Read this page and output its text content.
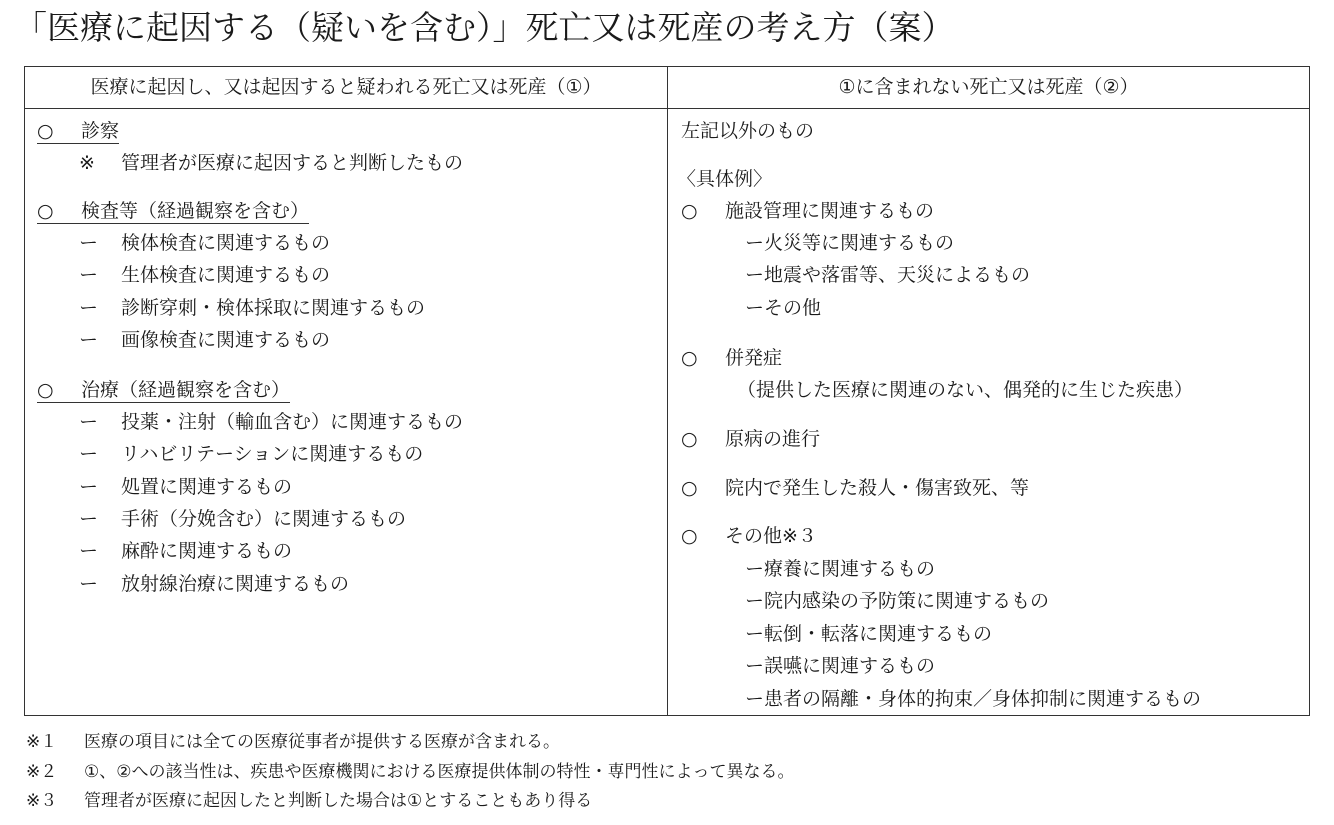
「医療に起因する（疑いを含む）」死亡又は死産の考え方（案）
医療に起因し、又は起因すると疑われる死亡又は死産（①）	①に含まれない死亡又は死産（②）
○ 診察
※ 管理者が医療に起因すると判断したもの
○ 検査等（経過観察を含む）
ー 検体検査に関連するもの
ー 生体検査に関連するもの
ー 診断穿刺・検体採取に関連するもの
ー 画像検査に関連するもの
○ 治療（経過観察を含む）
ー 投薬・注射（輸血含む）に関連するもの
ー リハビリテーションに関連するもの
ー 処置に関連するもの
ー 手術（分娩含む）に関連するもの
ー 麻酔に関連するもの
ー 放射線治療に関連するもの
左記以外のもの
〈具体例〉
○ 施設管理に関連するもの
ー火災等に関連するもの
ー地震や落雷等、天災によるもの
ーその他
○ 併発症
（提供した医療に関連のない、偶発的に生じた疾患）
○ 原病の進行
○ 院内で発生した殺人・傷害致死、等
○ その他※３
ー療養に関連するもの
ー院内感染の予防策に関連するもの
ー転倒・転落に関連するもの
ー誤嚥に関連するもの
ー患者の隔離・身体的拘束／身体抑制に関連するもの
※１ 医療の項目には全ての医療従事者が提供する医療が含まれる。
※２ ①、②への該当性は、疾患や医療機関における医療提供体制の特性・専門性によって異なる。
※３ 管理者が医療に起因したと判断した場合は①とすることもあり得る
